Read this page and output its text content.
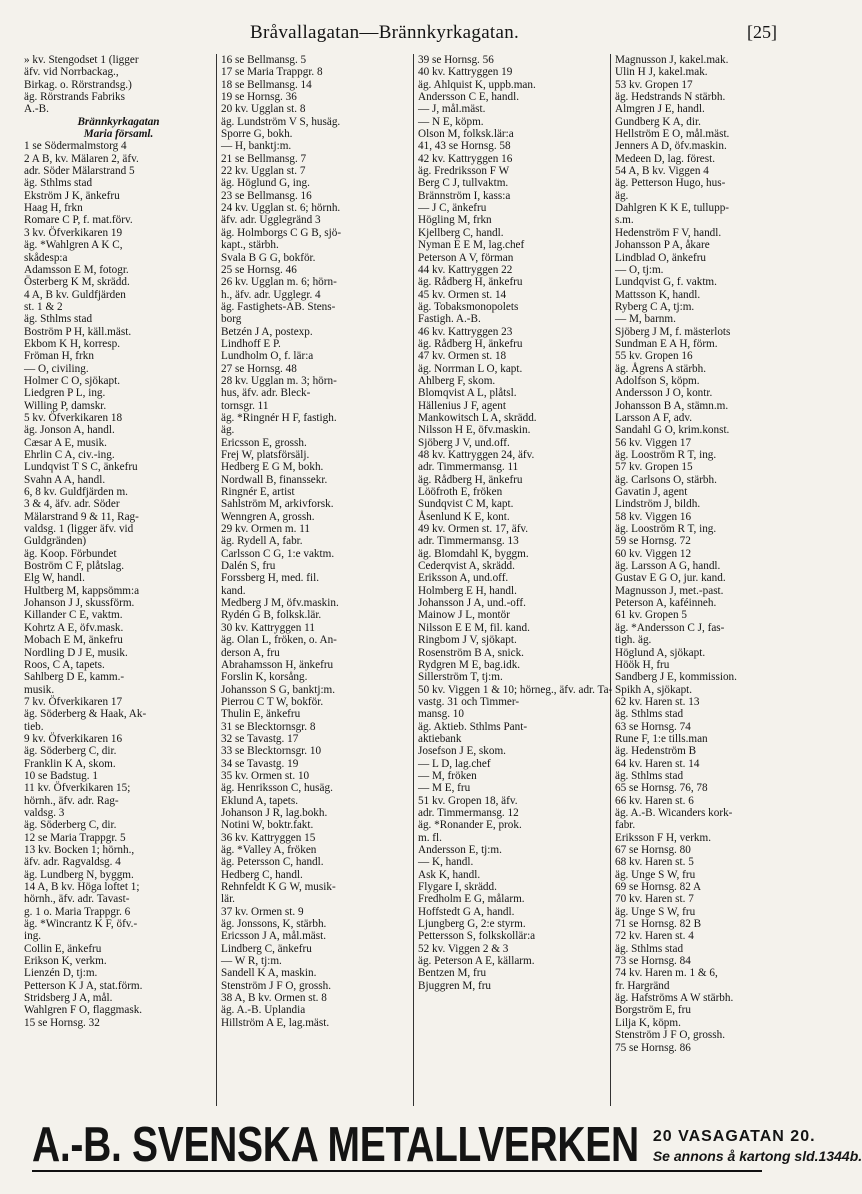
Bråvallagatan—Brännkyrkagatan.	[25]
» kv. Stengodset 1 (ligger
äfv. vid Norrbackag.,
Birkag. o. Rörstrandsg.)
äg. Rörstrands Fabriks
A.-B.
Brännkyrkagatan
Maria församl.
1 se Södermalmstorg 4
2 A B, kv. Mälaren 2, äfv.
adr. Söder Mälarstrand 5
äg. Sthlms stad
Ekström J K, änkefru
Haag H, frkn
Romare C P, f. mat.förv.
3 kv. Öfverkikaren 19
äg. *Wahlgren A K C,
skådesp:a
Adamsson E M, fotogr.
Österberg K M, skrädd.
4 A, B kv. Guldfjärden
st. 1 & 2
äg. Sthlms stad
Boström P H, käll.mäst.
Ekbom K H, korresp.
Fröman H, frkn
— O, civiling.
Holmer C O, sjökapt.
Liedgren P L, ing.
Willing P, damskr.
5 kv. Öfverkikaren 18
äg. Jonson A, handl.
Cæsar A E, musik.
Ehrlin C A, civ.-ing.
Lundqvist T S C, änkefru
Svahn A A, handl.
6, 8 kv. Guldfjärden m.
3 & 4, äfv. adr. Söder
Mälarstrand 9 & 11, Rag-
valdsg. 1 (ligger äfv. vid
Guldgränden)
äg. Koop. Förbundet
Boström C F, plåtslag.
Elg W, handl.
Hultberg M, kappsömm:a
Johanson J J, skussförm.
Killander C E, vaktm.
Kohrtz A E, öfv.mask.
Mobach E M, änkefru
Nordling D J E, musik.
Roos, C A, tapets.
Sahlberg D E, kamm.-
musik.
7 kv. Öfverkikaren 17
äg. Söderberg & Haak, Ak-
tieb.
9 kv. Öfverkikaren 16
äg. Söderberg C, dir.
Franklin K A, skom.
10 se Badstug. 1
11 kv. Öfverkikaren 15;
hörnh., äfv. adr. Rag-
valdsg. 3
äg. Söderberg C, dir.
12 se Maria Trappgr. 5
13 kv. Bocken 1; hörnh.,
äfv. adr. Ragvaldsg. 4
äg. Lundberg N, byggm.
14 A, B kv. Höga loftet 1;
hörnh., äfv. adr. Tavast-
g. 1 o. Maria Trappgr. 6
äg. *Wincrantz K F, öfv.-
ing.
Collin E, änkefru
Erikson K, verkm.
Lienzén D, tj:m.
Petterson K J A, stat.förm.
Stridsberg J A, mål.
Wahlgren F O, flaggmask.
15 se Hornsg. 32
16 se Bellmansg. 5
17 se Maria Trappgr. 8
18 se Bellmansg. 14
19 se Hornsg. 36
20 kv. Ugglan st. 8
äg. Lundström V S, husäg.
Sporre G, bokh.
— H, banktj:m.
21 se Bellmansg. 7
22 kv. Ugglan st. 7
äg. Höglund G, ing.
23 se Bellmansg. 16
24 kv. Ugglan st. 6; hörnh.
äfv. adr. Ugglegränd 3
äg. Holmborgs C G B, sjö-
kapt., stärbh.
Svala B G G, bokför.
25 se Hornsg. 46
26 kv. Ugglan m. 6; hörn-
h., äfv. adr. Ugglegr. 4
äg. Fastighets-AB. Stens-
borg
Betzén J A, postexp.
Lindhoff E P.
Lundholm O, f. lär:a
27 se Hornsg. 48
28 kv. Ugglan m. 3; hörn-
hus, äfv. adr. Bleck-
tornsgr. 11
äg. *Ringnér H F, fastigh.
äg.
Ericsson E, grossh.
Frej W, platsförsälj.
Hedberg E G M, bokh.
Nordwall B, finanssekr.
Ringnér E, artist
Sahlström M, arkivforsk.
Wenngren A, grossh.
29 kv. Ormen m. 11
äg. Rydell A, fabr.
Carlsson C G, 1:e vaktm.
Dalén S, fru
Forssberg H, med. fil.
kand.
Medberg J M, öfv.maskin.
Rydén G B, folksk.lär.
30 kv. Kattryggen 11
äg. Olan L, fröken, o. An-
derson A, fru
Abrahamsson H, änkefru
Forslin K, korsång.
Johansson S G, banktj:m.
Pierrou C T W, bokför.
Thulin E, änkefru
31 se Blecktornsgr. 8
32 se Tavastg. 17
33 se Blecktornsgr. 10
34 se Tavastg. 19
35 kv. Ormen st. 10
äg. Henriksson C, husäg.
Eklund A, tapets.
Johanson J R, lag.bokh.
Notini W, boktr.fakt.
36 kv. Kattryggen 15
äg. *Valley A, fröken
äg. Petersson C, handl.
Hedberg C, handl.
Rehnfeldt K G W, musik-
lär.
37 kv. Ormen st. 9
äg. Jonssons, K, stärbh.
Ericsson J A, mål.mäst.
Lindberg C, änkefru
— W R, tj:m.
Sandell K A, maskin.
Stenström J F O, grossh.
38 A, B kv. Ormen st. 8
äg. A.-B. Uplandia
Hillström A E, lag.mäst.
39 se Hornsg. 56
40 kv. Kattryggen 19
äg. Ahlquist K, uppb.man.
Andersson C E, handl.
— J, mål.mäst.
— N E, köpm.
Olson M, folksk.lär:a
41, 43 se Hornsg. 58
42 kv. Kattryggen 16
äg. Fredriksson F W
Berg C J, tullvaktm.
Brännström I, kass:a
— J C, änkefru
Högling M, frkn
Kjellberg C, handl.
Nyman E E M, lag.chef
Peterson A V, förman
44 kv. Kattryggen 22
äg. Rådberg H, änkefru
45 kv. Ormen st. 14
äg. Tobaksmonopolets
Fastigh. A.-B.
46 kv. Kattryggen 23
äg. Rådberg H, änkefru
47 kv. Ormen st. 18
äg. Norrman L O, kapt.
Ahlberg F, skom.
Blomqvist A L, plåtsl.
Hällenius J F, agent
Mankowitsch L A, skrädd.
Nilsson H E, öfv.maskin.
Sjöberg J V, und.off.
48 kv. Kattryggen 24, äfv.
adr. Timmermansg. 11
äg. Rådberg H, änkefru
Lööfroth E, fröken
Sundqvist C M, kapt.
Åsenlund K E, kont.
49 kv. Ormen st. 17, äfv.
adr. Timmermansg. 13
äg. Blomdahl K, byggm.
Cederqvist A, skrädd.
Eriksson A, und.off.
Holmberg E H, handl.
Johansson J A, und.-off.
Mainow J L, montör
Nilsson E E M, fil. kand.
Ringbom J V, sjökapt.
Rosenström B A, snick.
Rydgren M E, bag.idk.
Sillerström T, tj:m.
50 kv. Viggen 1 & 10; hörneg., äfv. adr. Ta-
vastg. 31 och Timmer-
mansg. 10
äg. Aktieb. Sthlms Pant-
aktiebank
Josefson J E, skom.
— L D, lag.chef
— M, fröken
— M E, fru
51 kv. Gropen 18, äfv.
adr. Timmermansg. 12
äg. *Ronander E, prok.
m. fl.
Andersson E, tj:m.
— K, handl.
Ask K, handl.
Flygare I, skrädd.
Fredholm E G, målarm.
Hoffstedt G A, handl.
Ljungberg G, 2:e styrm.
Pettersson S, folkskollär:a
52 kv. Viggen 2 & 3
äg. Peterson A E, källarm.
Bentzen M, fru
Bjuggren M, fru
Magnusson J, kakel.mak.
Ulin H J, kakel.mak.
53 kv. Gropen 17
äg. Hedstrands N stärbh.
Almgren J E, handl.
Gundberg K A, dir.
Hellström E O, mål.mäst.
Jenners A D, öfv.maskin.
Medeen D, lag. förest.
54 A, B kv. Viggen 4
äg. Petterson Hugo, hus-
äg.
Dahlgren K K E, tullupp-
s.m.
Hedenström F V, handl.
Johansson P A, åkare
Lindblad O, änkefru
— O, tj:m.
Lundqvist G, f. vaktm.
Mattsson K, handl.
Ryberg C A, tj:m.
— M, barnm.
Sjöberg J M, f. mästerlots
Sundman E A H, förm.
55 kv. Gropen 16
äg. Ågrens A stärbh.
Adolfson S, köpm.
Andersson J O, kontr.
Johansson B A, stämn.m.
Larsson A F, adv.
Sandahl G O, krim.konst.
56 kv. Viggen 17
äg. Looström R T, ing.
57 kv. Gropen 15
äg. Carlsons O, stärbh.
Gavatin J, agent
Lindström J, bildh.
58 kv. Viggen 16
äg. Looström R T, ing.
59 se Hornsg. 72
60 kv. Viggen 12
äg. Larsson A G, handl.
Gustav E G O, jur. kand.
Magnusson J, met.-past.
Peterson A, kaféinneh.
61 kv. Gropen 5
äg. *Andersson C J, fas-
tigh. äg.
Höglund A, sjökapt.
Höök H, fru
Sandberg J E, kommission.
Spikh A, sjökapt.
62 kv. Haren st. 13
äg. Sthlms stad
63 se Hornsg. 74
Rune F, 1:e tills.man
äg. Hedenström B
64 kv. Haren st. 14
äg. Sthlms stad
65 se Hornsg. 76, 78
66 kv. Haren st. 6
äg. A.-B. Wicanders kork-
fabr.
Eriksson F H, verkm.
67 se Hornsg. 80
68 kv. Haren st. 5
äg. Unge S W, fru
69 se Hornsg. 82 A
70 kv. Haren st. 7
äg. Unge S W, fru
71 se Hornsg. 82 B
72 kv. Haren st. 4
äg. Sthlms stad
73 se Hornsg. 84
74 kv. Haren m. 1 & 6,
fr. Hargränd
äg. Hafströms A W stärbh.
Borgström E, fru
Lilja K, köpm.
Stenström J F O, grossh.
75 se Hornsg. 86
A.-B. SVENSKA METALLVERKEN 20 VASAGATAN 20.
Se annons å kartong sld.1344b.
